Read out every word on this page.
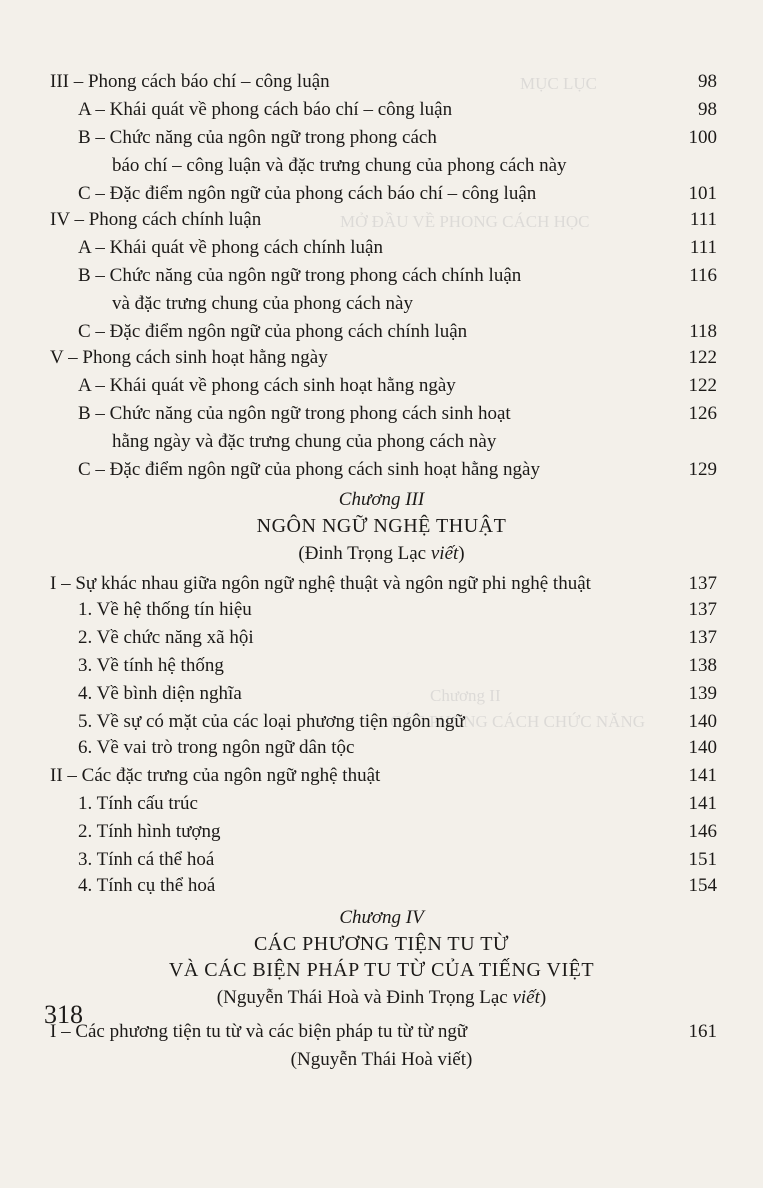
MỤC LỤC
MỞ ĐẦU VỀ PHONG CÁCH HỌC
Chương II
CÁC PHONG CÁCH CHỨC NĂNG
III – Phong cách báo chí – công luận	98
A – Khái quát về phong cách báo chí – công luận	98
B – Chức năng của ngôn ngữ trong phong cách	100
báo chí – công luận và đặc trưng chung của phong cách này
C – Đặc điểm ngôn ngữ của phong cách báo chí – công luận	101
IV – Phong cách chính luận	111
A – Khái quát về phong cách chính luận	111
B – Chức năng của ngôn ngữ trong phong cách chính luận	116
và đặc trưng chung của phong cách này
C – Đặc điểm ngôn ngữ của phong cách chính luận	118
V – Phong cách sinh hoạt hằng ngày	122
A – Khái quát về phong cách sinh hoạt hằng ngày	122
B – Chức năng của ngôn ngữ trong phong cách sinh hoạt	126
hằng ngày và đặc trưng chung của phong cách này
C – Đặc điểm ngôn ngữ của phong cách sinh hoạt hằng ngày	129
Chương III
NGÔN NGỮ NGHỆ THUẬT
(Đinh Trọng Lạc viết)
I – Sự khác nhau giữa ngôn ngữ nghệ thuật và ngôn ngữ phi nghệ thuật	137
1. Về hệ thống tín hiệu	137
2. Về chức năng xã hội	137
3. Về tính hệ thống	138
4. Về bình diện nghĩa	139
5. Về sự có mặt của các loại phương tiện ngôn ngữ	140
6. Về vai trò trong ngôn ngữ dân tộc	140
II – Các đặc trưng của ngôn ngữ nghệ thuật	141
1. Tính cấu trúc	141
2. Tính hình tượng	146
3. Tính cá thể hoá	151
4. Tính cụ thể hoá	154
Chương IV
CÁC PHƯƠNG TIỆN TU TỪ
VÀ CÁC BIỆN PHÁP TU TỪ CỦA TIẾNG VIỆT
(Nguyễn Thái Hoà và Đinh Trọng Lạc viết)
I – Các phương tiện tu từ và các biện pháp tu từ từ ngữ	161
(Nguyễn Thái Hoà viết)
318
